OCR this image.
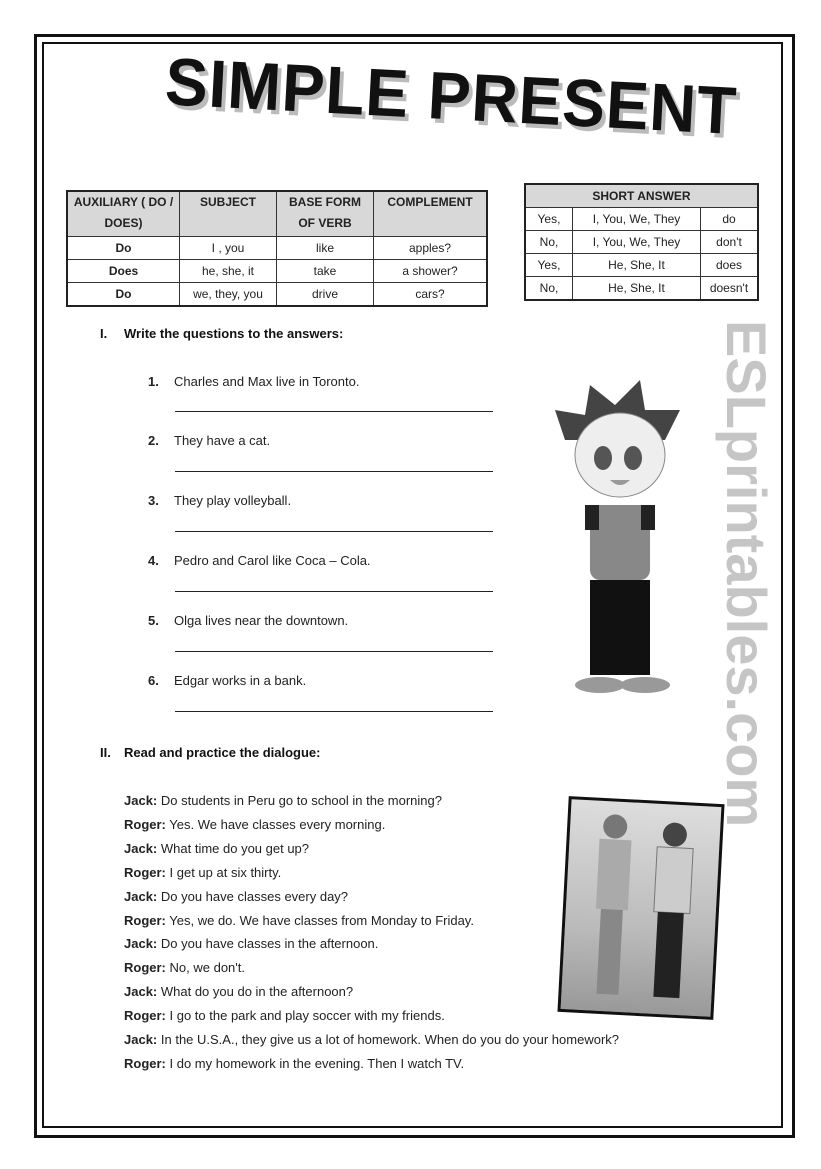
SIMPLE PRESENT
AUXILIARY ( DO / DOES)	SUBJECT	BASE FORM OF VERB	COMPLEMENT
Do	I , you	like	apples?
Does	he, she, it	take	a shower?
Do	we, they, you	drive	cars?
SHORT ANSWER		
Yes,	I, You, We, They	do
No,	I, You, We, They	don't
Yes,	He, She, It	does
No,	He, She, It	doesn't
I. Write the questions to the answers:
1. Charles and Max live in Toronto.
2. They have a cat.
3. They play volleyball.
4. Pedro and Carol like Coca – Cola.
5. Olga lives near the downtown.
6. Edgar works in a bank.
II. Read and practice the dialogue:
Jack: Do students in Peru go to school in the morning?
Roger: Yes. We have classes every morning.
Jack: What time do you get up?
Roger: I get up at six thirty.
Jack: Do you have classes every day?
Roger: Yes, we do. We have classes from Monday to Friday.
Jack: Do you have classes in the afternoon.
Roger: No, we don't.
Jack: What do you do in the afternoon?
Roger: I go to the park and play soccer with my friends.
Jack: In the U.S.A., they give us a lot of homework. When do you do your homework?
Roger: I do my homework in the evening. Then I watch TV.
ESLprintables.com
